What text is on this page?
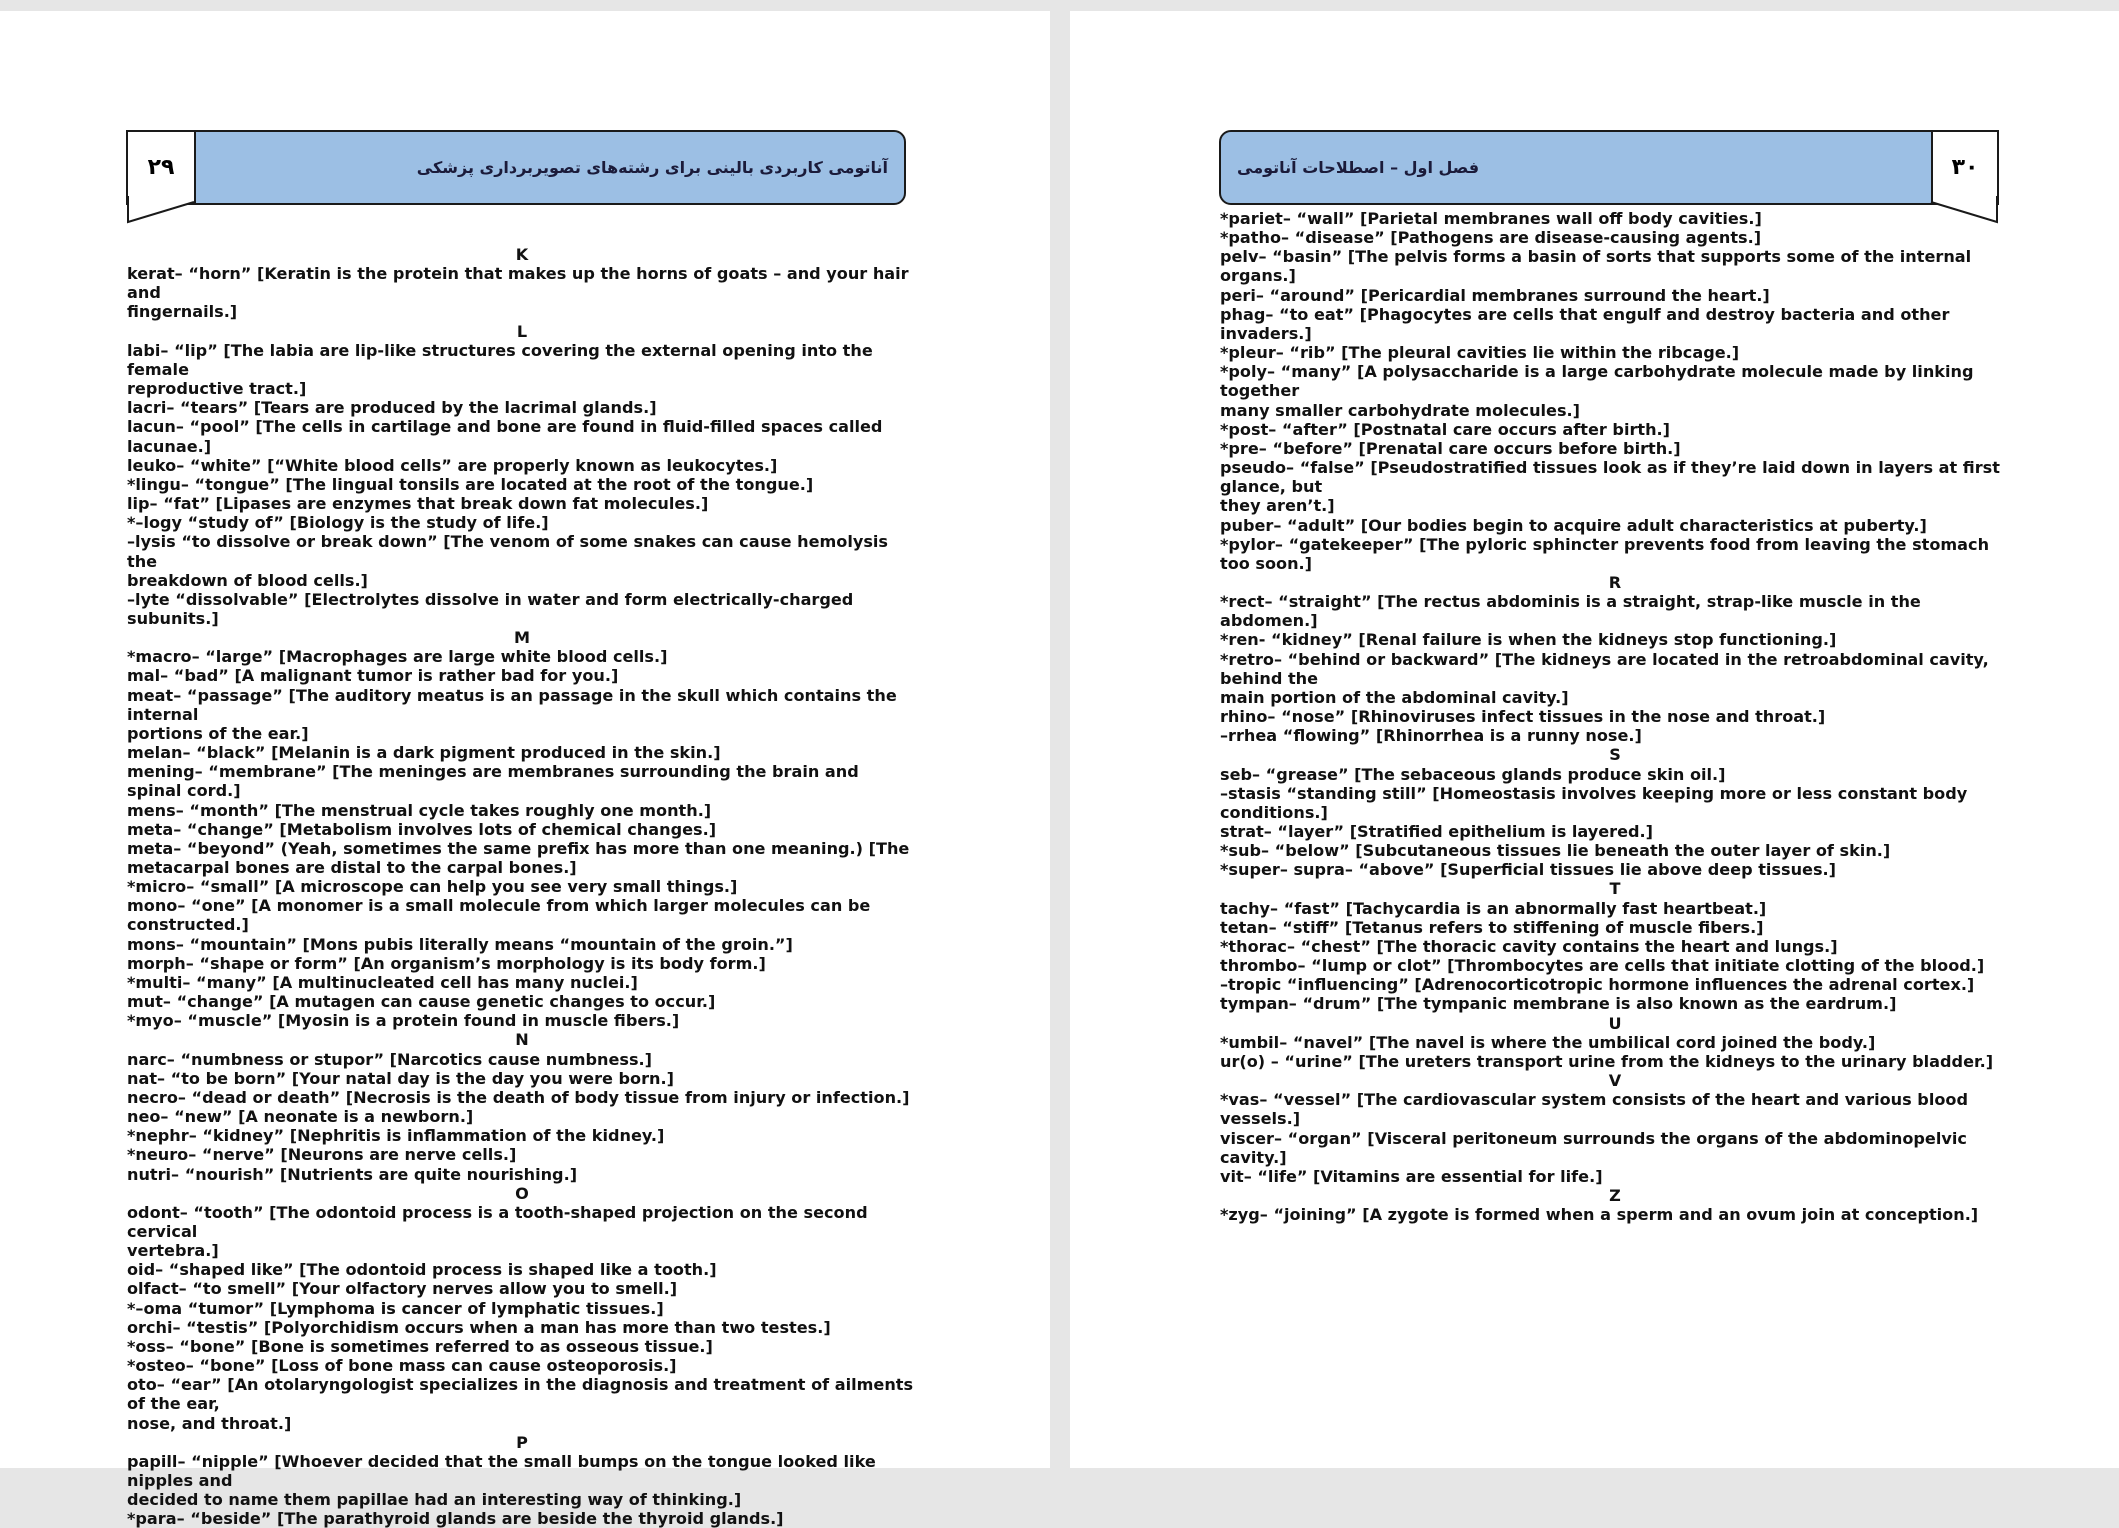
۲۹	آناتومی کاربردی بالینی برای رشته‌های تصویربرداری پزشکی
K
kerat– “horn” [Keratin is the protein that makes up the horns of goats – and your hair and
fingernails.]
L
labi– “lip” [The labia are lip-like structures covering the external opening into the female
reproductive tract.]
lacri– “tears” [Tears are produced by the lacrimal glands.]
lacun– “pool” [The cells in cartilage and bone are found in fluid-filled spaces called lacunae.]
leuko– “white” [“White blood cells” are properly known as leukocytes.]
*lingu– “tongue” [The lingual tonsils are located at the root of the tongue.]
lip– “fat” [Lipases are enzymes that break down fat molecules.]
*–logy “study of” [Biology is the study of life.]
–lysis “to dissolve or break down” [The venom of some snakes can cause hemolysis the
breakdown of blood cells.]
–lyte “dissolvable” [Electrolytes dissolve in water and form electrically-charged subunits.]
M
*macro– “large” [Macrophages are large white blood cells.]
mal– “bad” [A malignant tumor is rather bad for you.]
meat– “passage” [The auditory meatus is an passage in the skull which contains the internal
portions of the ear.]
melan– “black” [Melanin is a dark pigment produced in the skin.]
mening– “membrane” [The meninges are membranes surrounding the brain and spinal cord.]
mens– “month” [The menstrual cycle takes roughly one month.]
meta– “change” [Metabolism involves lots of chemical changes.]
meta– “beyond” (Yeah, sometimes the same prefix has more than one meaning.) [The
metacarpal bones are distal to the carpal bones.]
*micro– “small” [A microscope can help you see very small things.]
mono– “one” [A monomer is a small molecule from which larger molecules can be constructed.]
mons– “mountain” [Mons pubis literally means “mountain of the groin.”]
morph– “shape or form” [An organism’s morphology is its body form.]
*multi– “many” [A multinucleated cell has many nuclei.]
mut– “change” [A mutagen can cause genetic changes to occur.]
*myo– “muscle” [Myosin is a protein found in muscle fibers.]
N
narc– “numbness or stupor” [Narcotics cause numbness.]
nat– “to be born” [Your natal day is the day you were born.]
necro– “dead or death” [Necrosis is the death of body tissue from injury or infection.]
neo– “new” [A neonate is a newborn.]
*nephr– “kidney” [Nephritis is inflammation of the kidney.]
*neuro– “nerve” [Neurons are nerve cells.]
nutri– “nourish” [Nutrients are quite nourishing.]
O
odont– “tooth” [The odontoid process is a tooth-shaped projection on the second cervical
vertebra.]
oid– “shaped like” [The odontoid process is shaped like a tooth.]
olfact– “to smell” [Your olfactory nerves allow you to smell.]
*–oma “tumor” [Lymphoma is cancer of lymphatic tissues.]
orchi– “testis” [Polyorchidism occurs when a man has more than two testes.]
*oss– “bone” [Bone is sometimes referred to as osseous tissue.]
*osteo– “bone” [Loss of bone mass can cause osteoporosis.]
oto– “ear” [An otolaryngologist specializes in the diagnosis and treatment of ailments of the ear,
nose, and throat.]
P
papill– “nipple” [Whoever decided that the small bumps on the tongue looked like nipples and
decided to name them papillae had an interesting way of thinking.]
*para– “beside” [The parathyroid glands are beside the thyroid glands.]
فصل اول – اصطلاحات آناتومی	۳۰
*pariet– “wall” [Parietal membranes wall off body cavities.]
*patho– “disease” [Pathogens are disease-causing agents.]
pelv– “basin” [The pelvis forms a basin of sorts that supports some of the internal organs.]
peri– “around” [Pericardial membranes surround the heart.]
phag– “to eat” [Phagocytes are cells that engulf and destroy bacteria and other invaders.]
*pleur– “rib” [The pleural cavities lie within the ribcage.]
*poly– “many” [A polysaccharide is a large carbohydrate molecule made by linking together
many smaller carbohydrate molecules.]
*post– “after” [Postnatal care occurs after birth.]
*pre– “before” [Prenatal care occurs before birth.]
pseudo– “false” [Pseudostratified tissues look as if they’re laid down in layers at first glance, but
they aren’t.]
puber– “adult” [Our bodies begin to acquire adult characteristics at puberty.]
*pylor– “gatekeeper” [The pyloric sphincter prevents food from leaving the stomach too soon.]
R
*rect– “straight” [The rectus abdominis is a straight, strap-like muscle in the abdomen.]
*ren- “kidney” [Renal failure is when the kidneys stop functioning.]
*retro– “behind or backward” [The kidneys are located in the retroabdominal cavity, behind the
main portion of the abdominal cavity.]
rhino– “nose” [Rhinoviruses infect tissues in the nose and throat.]
–rrhea “flowing” [Rhinorrhea is a runny nose.]
S
seb– “grease” [The sebaceous glands produce skin oil.]
–stasis “standing still” [Homeostasis involves keeping more or less constant body conditions.]
strat– “layer” [Stratified epithelium is layered.]
*sub– “below” [Subcutaneous tissues lie beneath the outer layer of skin.]
*super– supra– “above” [Superficial tissues lie above deep tissues.]
T
tachy– “fast” [Tachycardia is an abnormally fast heartbeat.]
tetan– “stiff” [Tetanus refers to stiffening of muscle fibers.]
*thorac– “chest” [The thoracic cavity contains the heart and lungs.]
thrombo– “lump or clot” [Thrombocytes are cells that initiate clotting of the blood.]
–tropic “influencing” [Adrenocorticotropic hormone influences the adrenal cortex.]
tympan– “drum” [The tympanic membrane is also known as the eardrum.]
U
*umbil– “navel” [The navel is where the umbilical cord joined the body.]
ur(o) – “urine” [The ureters transport urine from the kidneys to the urinary bladder.]
V
*vas– “vessel” [The cardiovascular system consists of the heart and various blood vessels.]
viscer– “organ” [Visceral peritoneum surrounds the organs of the abdominopelvic cavity.]
vit– “life” [Vitamins are essential for life.]
Z
*zyg– “joining” [A zygote is formed when a sperm and an ovum join at conception.]
